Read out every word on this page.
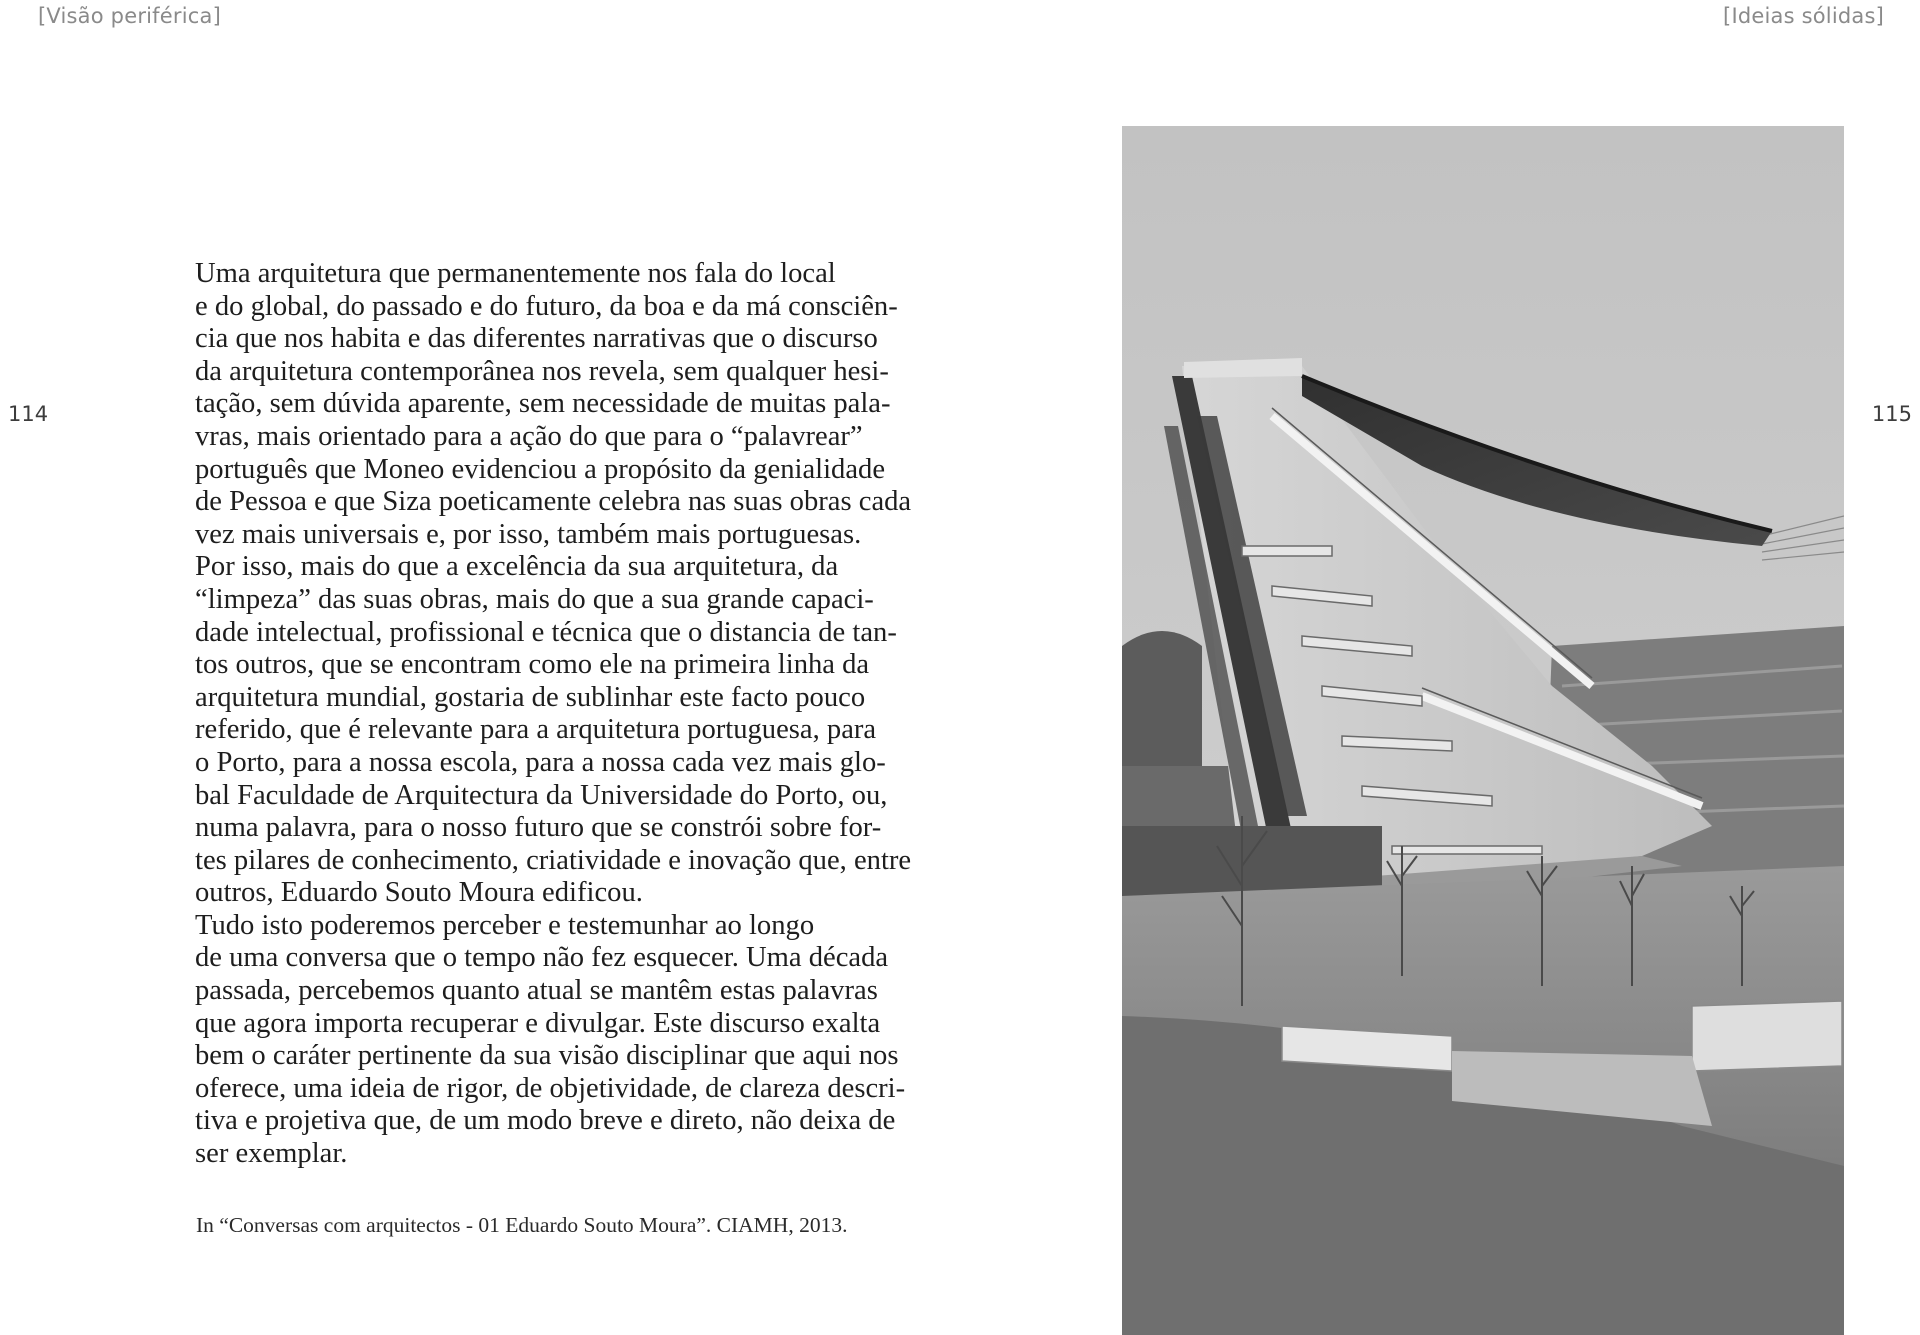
[Visão periférica]	[Ideias sólidas]
114	115

Uma arquitetura que permanentemente nos fala do local
e do global, do passado e do futuro, da boa e da má consciên-
cia que nos habita e das diferentes narrativas que o discurso
da arquitetura contemporânea nos revela, sem qualquer hesi-
tação, sem dúvida aparente, sem necessidade de muitas pala-
vras, mais orientado para a ação do que para o “palavrear”
português que Moneo evidenciou a propósito da genialidade
de Pessoa e que Siza poeticamente celebra nas suas obras cada
vez mais universais e, por isso, também mais portuguesas.

Por isso, mais do que a excelência da sua arquitetura, da
“limpeza” das suas obras, mais do que a sua grande capaci-
dade intelectual, profissional e técnica que o distancia de tan-
tos outros, que se encontram como ele na primeira linha da
arquitetura mundial, gostaria de sublinhar este facto pouco
referido, que é relevante para a arquitetura portuguesa, para
o Porto, para a nossa escola, para a nossa cada vez mais glo-
bal Faculdade de Arquitectura da Universidade do Porto, ou,
numa palavra, para o nosso futuro que se constrói sobre for-
tes pilares de conhecimento, criatividade e inovação que, entre
outros, Eduardo Souto Moura edificou.

Tudo isto poderemos perceber e testemunhar ao longo
de uma conversa que o tempo não fez esquecer. Uma década
passada, percebemos quanto atual se mantêm estas palavras
que agora importa recuperar e divulgar. Este discurso exalta
bem o caráter pertinente da sua visão disciplinar que aqui nos
oferece, uma ideia de rigor, de objetividade, de clareza descri-
tiva e projetiva que, de um modo breve e direto, não deixa de
ser exemplar.

In “Conversas com arquitectos - 01 Eduardo Souto Moura”. CIAMH, 2013.
